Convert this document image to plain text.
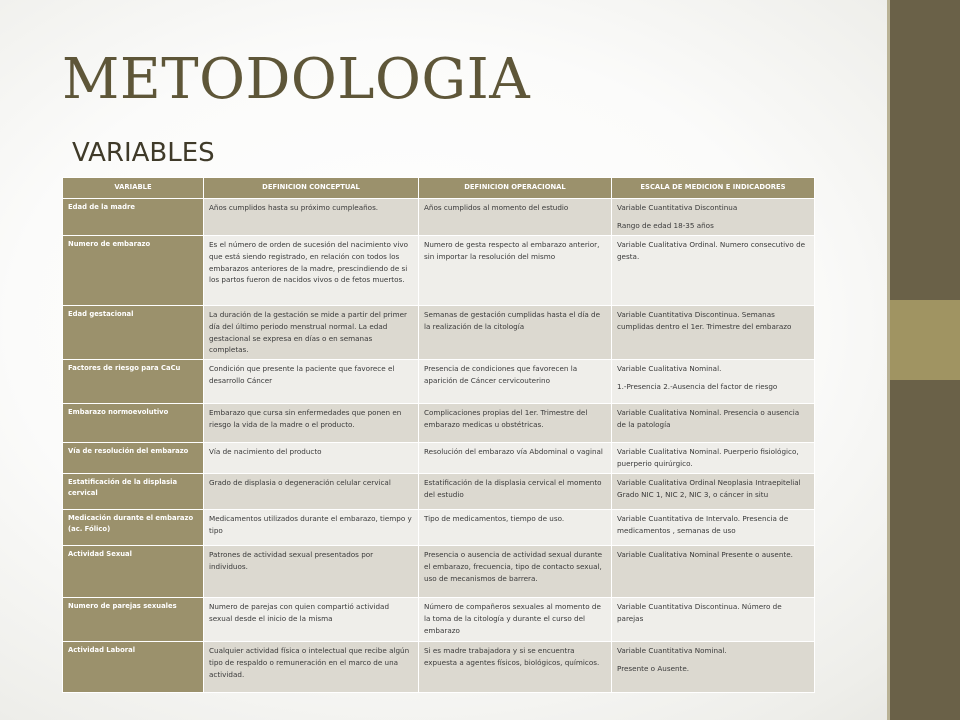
METODOLOGIA
VARIABLES
VARIABLE	DEFINICION CONCEPTUAL	DEFINICION OPERACIONAL	ESCALA DE MEDICION E INDICADORES
Edad de la madre	Años cumplidos hasta su próximo cumpleaños.	Años cumplidos al momento del estudio	Variable Cuantitativa Discontinua
Rango de edad 18-35 años

Numero de embarazo	Es el número de orden de sucesión del nacimiento vivo que está siendo registrado, en relación con todos los embarazos anteriores de la madre, prescindiendo de si los partos fueron de nacidos vivos o de fetos muertos.	Numero de gesta respecto al embarazo anterior, sin importar la resolución del mismo	Variable Cualitativa Ordinal. Numero consecutivo de gesta.

Edad gestacional	La duración de la gestación se mide a partir del primer día del último periodo menstrual normal. La edad gestacional se expresa en días o en semanas completas.	Semanas de gestación cumplidas hasta el día de la realización de la citología	Variable Cuantitativa Discontinua. Semanas cumplidas dentro el 1er. Trimestre del embarazo

Factores de riesgo para CaCu	Condición que presente la paciente que favorece el desarrollo Cáncer	Presencia de condiciones que favorecen la aparición de Cáncer cervicouterino	Variable Cualitativa Nominal.
1.-Presencia 2.-Ausencia del factor de riesgo

Embarazo normoevolutivo	Embarazo que cursa sin enfermedades que ponen en riesgo la vida de la madre o el producto.	Complicaciones propias del 1er. Trimestre del embarazo medicas u obstétricas.	Variable Cualitativa Nominal. Presencia o ausencia de la patología

Vía de resolución del embarazo	Vía de nacimiento del producto	Resolución del embarazo vía Abdominal o vaginal	Variable Cualitativa Nominal. Puerperio fisiológico, puerperio quirúrgico.

Estatificación de la displasia cervical	Grado de displasia o degeneración celular cervical	Estatificación de la displasia cervical el momento del estudio	Variable Cualitativa Ordinal Neoplasia Intraepitelial Grado NIC 1, NIC 2, NIC 3, o cáncer in situ

Medicación durante el embarazo (ac. Fólico)	Medicamentos utilizados durante el embarazo, tiempo y tipo	Tipo de medicamentos, tiempo de uso.	Variable Cuantitativa de Intervalo. Presencia de medicamentos , semanas de uso

Actividad Sexual	Patrones de actividad sexual presentados por individuos.	Presencia o ausencia de actividad sexual durante el embarazo, frecuencia, tipo de contacto sexual, uso de mecanismos de barrera.	Variable Cualitativa Nominal Presente o ausente.

Numero de parejas sexuales	Numero de parejas con quien compartió actividad sexual desde el inicio de la misma	Número de compañeros sexuales al momento de la toma de la citología y durante el curso del embarazo	Variable Cuantitativa Discontinua. Número de parejas

Actividad Laboral	Cualquier actividad física o intelectual que recibe algún tipo de respaldo o remuneración en el marco de una actividad.	Si es madre trabajadora y si se encuentra expuesta a agentes físicos, biológicos, químicos.	Variable Cuantitativa Nominal.
Presente o Ausente.
